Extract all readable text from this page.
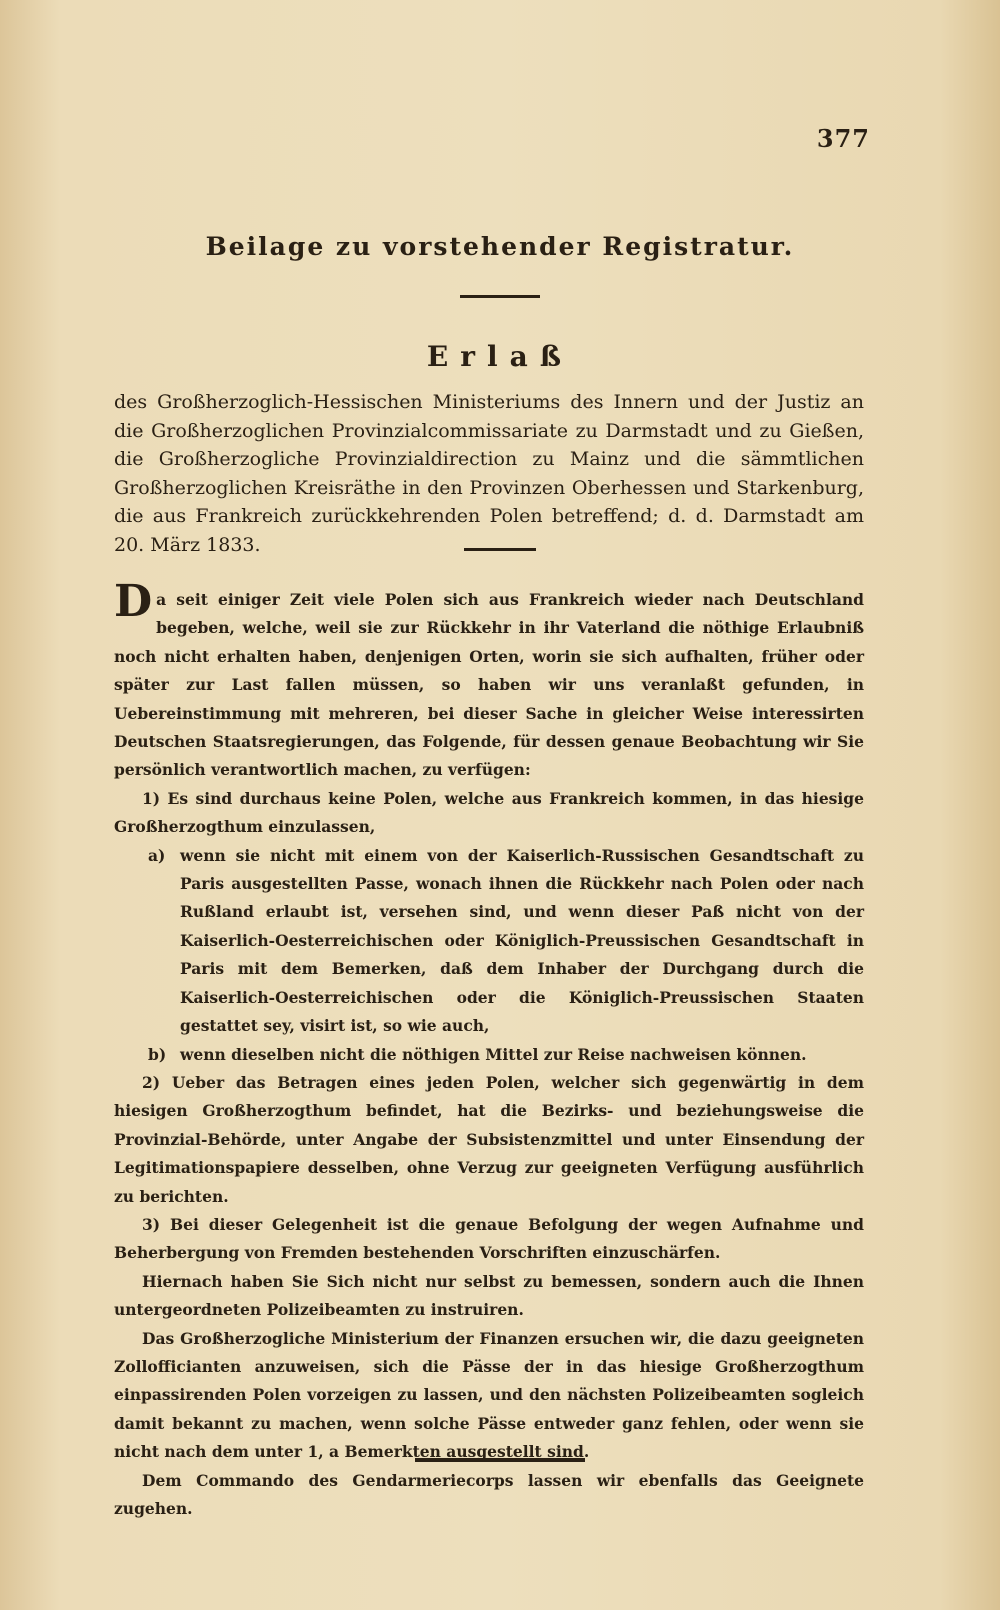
377
Beilage zu vorstehender Registratur.
Erlaß
des Großherzoglich-Hessischen Ministeriums des Innern und der Justiz an die Großherzoglichen Provinzialcommissariate zu Darmstadt und zu Gießen, die Großherzogliche Provinzialdirection zu Mainz und die sämmtlichen Großherzoglichen Kreisräthe in den Provinzen Oberhessen und Starkenburg, die aus Frankreich zurückkehrenden Polen betreffend; d. d. Darmstadt am 20. März 1833.

Da seit einiger Zeit viele Polen sich aus Frankreich wieder nach Deutschland begeben, welche, weil sie zur Rückkehr in ihr Vaterland die nöthige Erlaubniß noch nicht erhalten haben, denjenigen Orten, worin sie sich aufhalten, früher oder später zur Last fallen müssen, so haben wir uns veranlaßt gefunden, in Uebereinstimmung mit mehreren, bei dieser Sache in gleicher Weise interessirten Deutschen Staatsregierungen, das Folgende, für dessen genaue Beobachtung wir Sie persönlich verantwortlich machen, zu verfügen:

1) Es sind durchaus keine Polen, welche aus Frankreich kommen, in das hiesige Großherzogthum einzulassen,

a) wenn sie nicht mit einem von der Kaiserlich-Russischen Gesandtschaft zu Paris ausgestellten Passe, wonach ihnen die Rückkehr nach Polen oder nach Rußland erlaubt ist, versehen sind, und wenn dieser Paß nicht von der Kaiserlich-Oesterreichischen oder Königlich-Preussischen Gesandtschaft in Paris mit dem Bemerken, daß dem Inhaber der Durchgang durch die Kaiserlich-Oesterreichischen oder die Königlich-Preussischen Staaten gestattet sey, visirt ist, so wie auch,

b) wenn dieselben nicht die nöthigen Mittel zur Reise nachweisen können.

2) Ueber das Betragen eines jeden Polen, welcher sich gegenwärtig in dem hiesigen Großherzogthum befindet, hat die Bezirks- und beziehungsweise die Provinzial-Behörde, unter Angabe der Subsistenzmittel und unter Einsendung der Legitimationspapiere desselben, ohne Verzug zur geeigneten Verfügung ausführlich zu berichten.

3) Bei dieser Gelegenheit ist die genaue Befolgung der wegen Aufnahme und Beherbergung von Fremden bestehenden Vorschriften einzuschärfen.

Hiernach haben Sie Sich nicht nur selbst zu bemessen, sondern auch die Ihnen untergeordneten Polizeibeamten zu instruiren.

Das Großherzogliche Ministerium der Finanzen ersuchen wir, die dazu geeigneten Zollofficianten anzuweisen, sich die Pässe der in das hiesige Großherzogthum einpassirenden Polen vorzeigen zu lassen, und den nächsten Polizeibeamten sogleich damit bekannt zu machen, wenn solche Pässe entweder ganz fehlen, oder wenn sie nicht nach dem unter 1, a Bemerkten ausgestellt sind.

Dem Commando des Gendarmeriecorps lassen wir ebenfalls das Geeignete zugehen.
